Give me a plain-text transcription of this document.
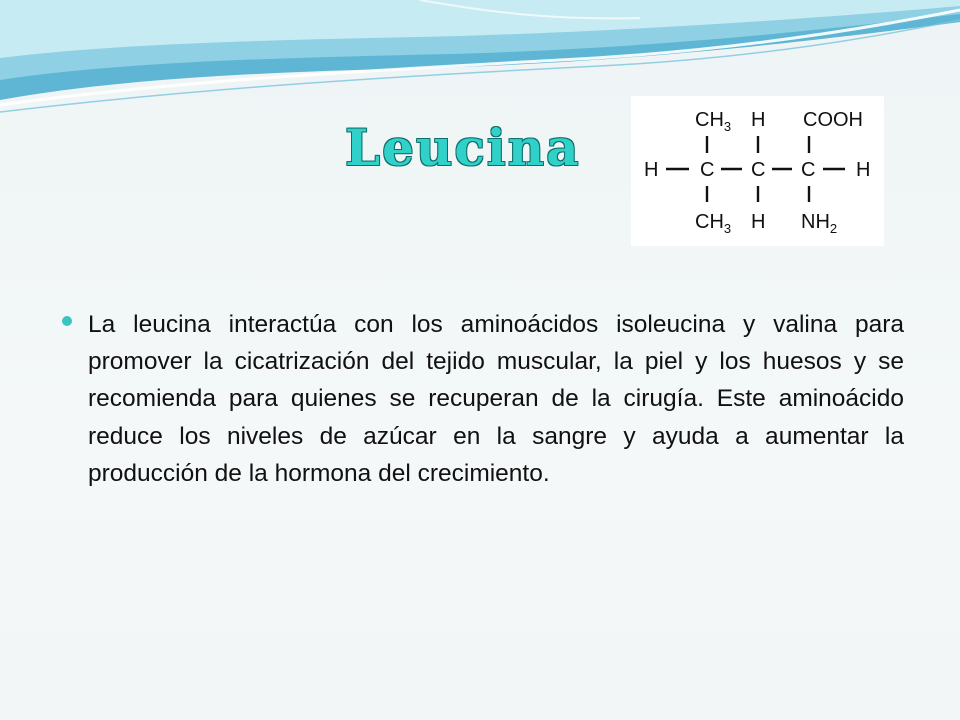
Leucina	$CH_3$ H COOH
H C C C H
$CH_3$ H $NH_2$

La leucina interactúa con los aminoácidos isoleucina y valina para promover la cicatrización del tejido muscular, la piel y los huesos y se recomienda para quienes se recuperan de la cirugía. Este aminoácido reduce los niveles de azúcar en la sangre y ayuda a aumentar la producción de la hormona del crecimiento.
